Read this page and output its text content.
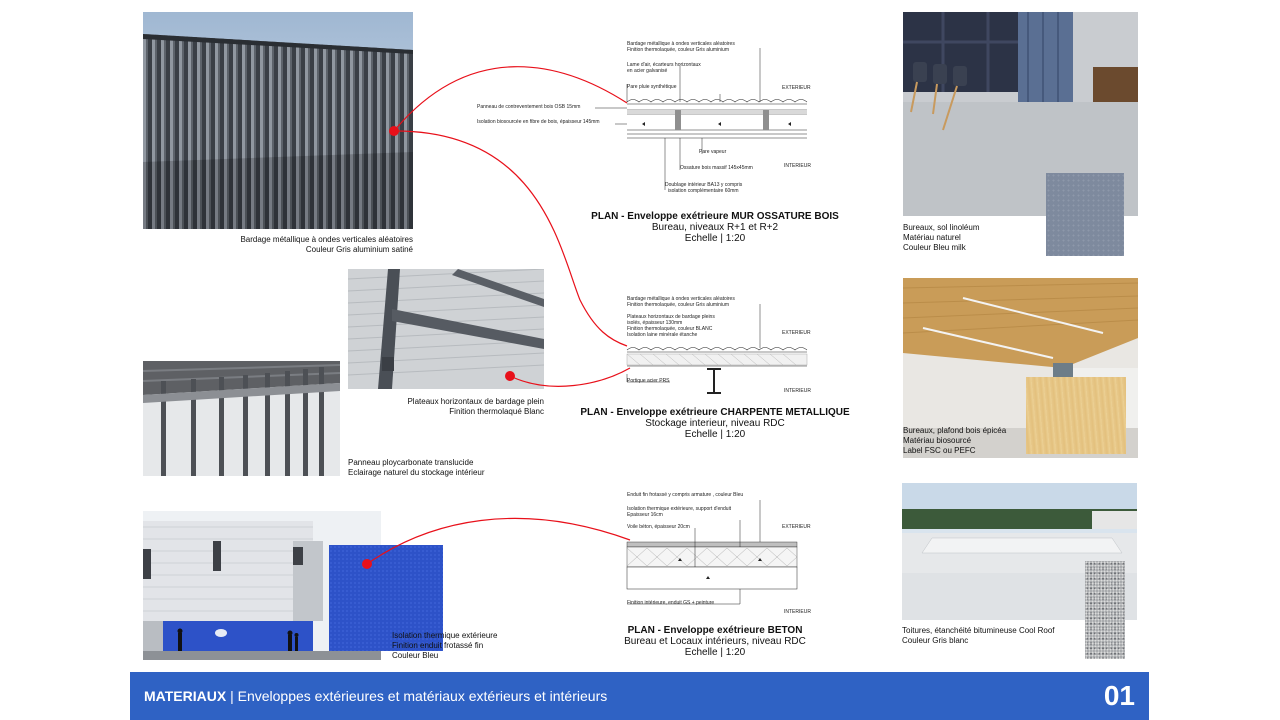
Bardage métallique à ondes verticales aléatoires
Couleur Gris aluminium satiné
Plateaux horizontaux de bardage plein
Finition thermolaqué Blanc
Panneau ploycarbonate translucide
Eclairage naturel du stockage intérieur
Isolation thermique extérieure
Finition enduit frotassé fin
Couleur Bleu
Bardage métallique à ondes verticales aléatoires
Finition thermolaquée, couleur Gris aluminium
Lame d'air, écarteurs horizontaux
en acier galvanisé
Pare pluie synthétique
Panneau de contreventement bois OSB 15mm
Isolation biosourcée en fibre de bois, épaisseur 145mm
Pare vapeur
Ossature bois massif 145x45mm
Doublage intérieur BA13 y compris
isolation complémentaire 60mm
EXTERIEUR
INTERIEUR
PLAN - Enveloppe exétrieure MUR OSSATURE BOIS
Bureau, niveaux R+1 et R+2
Echelle | 1:20
Bardage métallique à ondes verticales aléatoires
Finition thermolaquée, couleur Gris aluminium
Plateaux horizontaux de bardage pleins
isolés, épaisseur 130mm
Finition thermolaquée, couleur BLANC
Isolation laine minérale étanche
Portique acier PRS
EXTERIEUR
INTERIEUR
PLAN - Enveloppe exétrieure CHARPENTE METALLIQUE
Stockage interieur, niveau RDC
Echelle | 1:20
Enduit fin frotassé y compris armature , couleur Bleu
Isolation thermique extérieure, support d'enduit
Epaisseur 16cm
Voile béton, épaisseur 20cm
Finition intérieure, enduit GS + peinture
EXTERIEUR
INTERIEUR
PLAN - Enveloppe exétrieure BETON
Bureau et Locaux intérieurs, niveau RDC
Echelle | 1:20
Bureaux, sol linoléum
Matériau naturel
Couleur Bleu milk
Bureaux, plafond bois épicéa
Matériau biosourcé
Label FSC ou PEFC
Toitures, étanchéité bitumineuse Cool Roof
Couleur Gris blanc
MATERIAUX | Enveloppes extérieures et matériaux extérieurs et intérieurs	01
